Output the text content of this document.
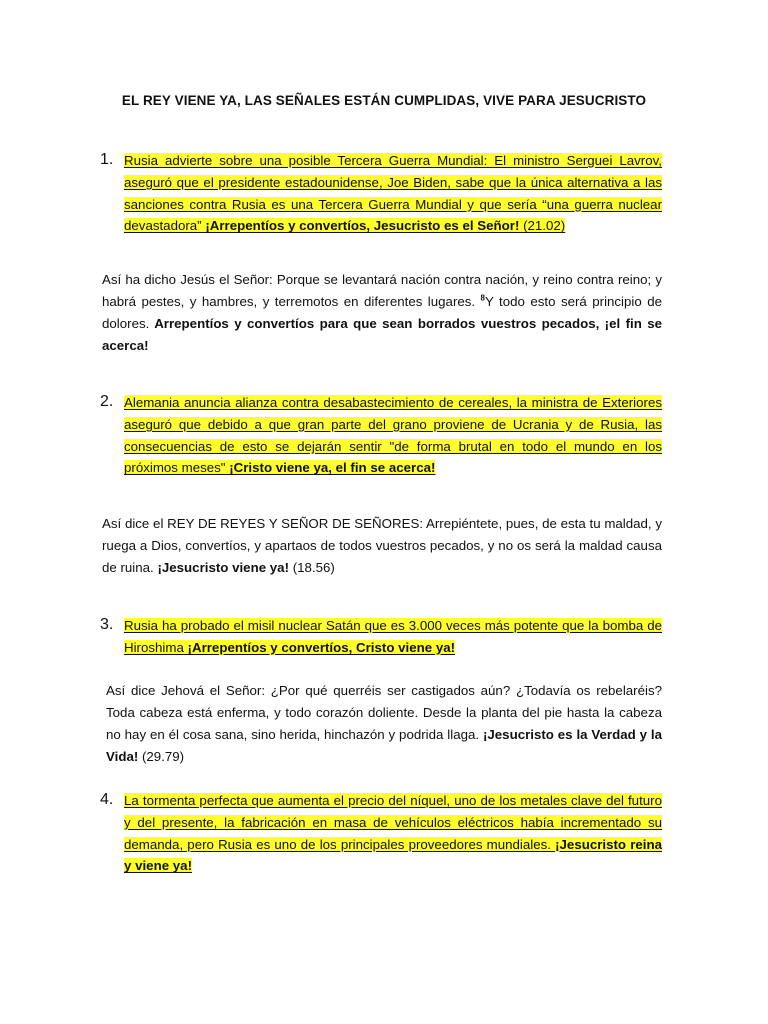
EL REY VIENE YA, LAS SEÑALES ESTÁN CUMPLIDAS, VIVE PARA JESUCRISTO
1. Rusia advierte sobre una posible Tercera Guerra Mundial: El ministro Serguei Lavrov, aseguró que el presidente estadounidense, Joe Biden, sabe que la única alternativa a las sanciones contra Rusia es una Tercera Guerra Mundial y que sería “una guerra nuclear devastadora” ¡Arrepentíos y convertíos, Jesucristo es el Señor! (21.02)
Así ha dicho Jesús el Señor: Porque se levantará nación contra nación, y reino contra reino; y habrá pestes, y hambres, y terremotos en diferentes lugares. $^8$Y todo esto será principio de dolores. Arrepentíos y convertíos para que sean borrados vuestros pecados, ¡el fin se acerca!
2. Alemania anuncia alianza contra desabastecimiento de cereales, la ministra de Exteriores aseguró que debido a que gran parte del grano proviene de Ucrania y de Rusia, las consecuencias de esto se dejarán sentir "de forma brutal en todo el mundo en los próximos meses" ¡Cristo viene ya, el fin se acerca!
Así dice el REY DE REYES Y SEÑOR DE SEÑORES: Arrepiéntete, pues, de esta tu maldad, y ruega a Dios, convertíos, y apartaos de todos vuestros pecados, y no os será la maldad causa de ruina. ¡Jesucristo viene ya! (18.56)
3. Rusia ha probado el misil nuclear Satán que es 3.000 veces más potente que la bomba de Hiroshima ¡Arrepentíos y convertíos, Cristo viene ya!
Así dice Jehová el Señor: ¿Por qué querréis ser castigados aún? ¿Todavía os rebelaréis? Toda cabeza está enferma, y todo corazón doliente. Desde la planta del pie hasta la cabeza no hay en él cosa sana, sino herida, hinchazón y podrida llaga. ¡Jesucristo es la Verdad y la Vida! (29.79)
4. La tormenta perfecta que aumenta el precio del níquel, uno de los metales clave del futuro y del presente, la fabricación en masa de vehículos eléctricos había incrementado su demanda, pero Rusia es uno de los principales proveedores mundiales. ¡Jesucristo reina y viene ya!
